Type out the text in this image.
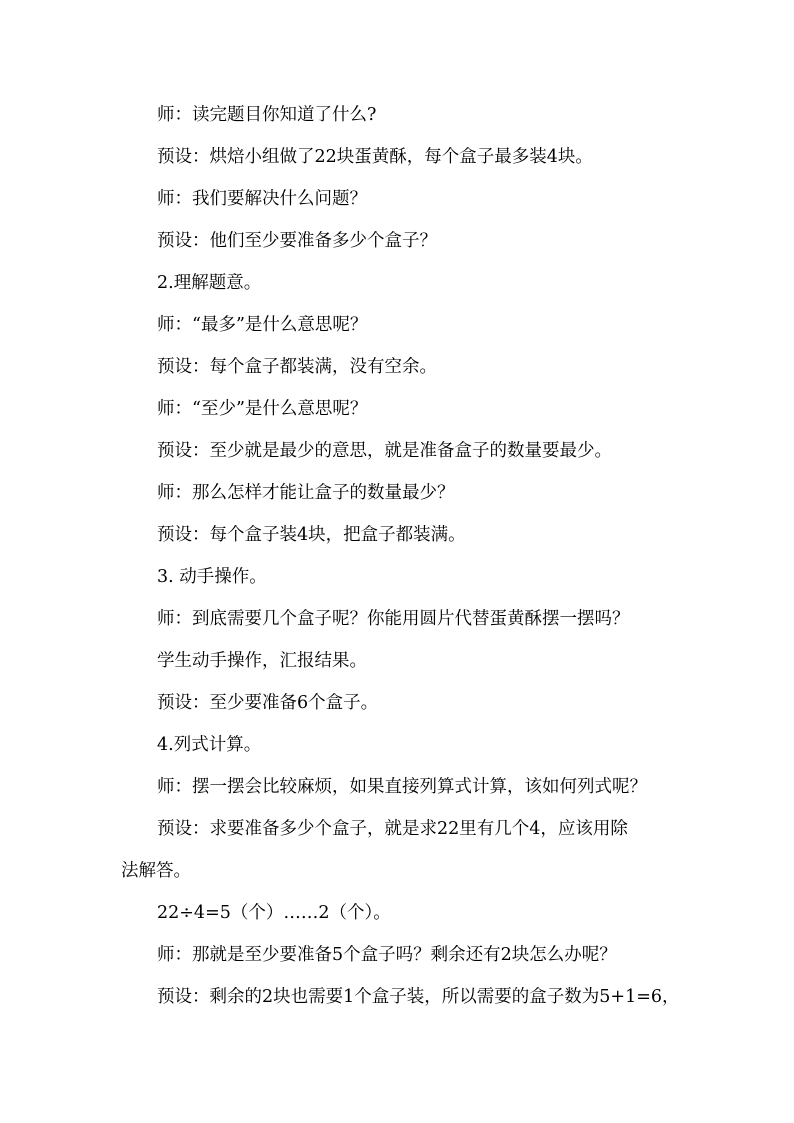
师：读完题目你知道了什么?
预设：烘焙小组做了22块蛋黄酥，每个盒子最多装4块。
师：我们要解决什么问题？
预设：他们至少要准备多少个盒子？
2.理解题意。
师：“最多”是什么意思呢？
预设：每个盒子都装满，没有空余。
师：“至少”是什么意思呢？
预设：至少就是最少的意思，就是准备盒子的数量要最少。
师：那么怎样才能让盒子的数量最少？
预设：每个盒子装4块，把盒子都装满。
3. 动手操作。
师：到底需要几个盒子呢？你能用圆片代替蛋黄酥摆一摆吗？
学生动手操作，汇报结果。
预设：至少要准备6个盒子。
4.列式计算。
师：摆一摆会比较麻烦，如果直接列算式计算，该如何列式呢？
预设：求要准备多少个盒子，就是求22里有几个4，应该用除
法解答。
22÷4=5（个）……2（个）。
师：那就是至少要准备5个盒子吗？剩余还有2块怎么办呢？
预设：剩余的2块也需要1个盒子装，所以需要的盒子数为5+1=6，
